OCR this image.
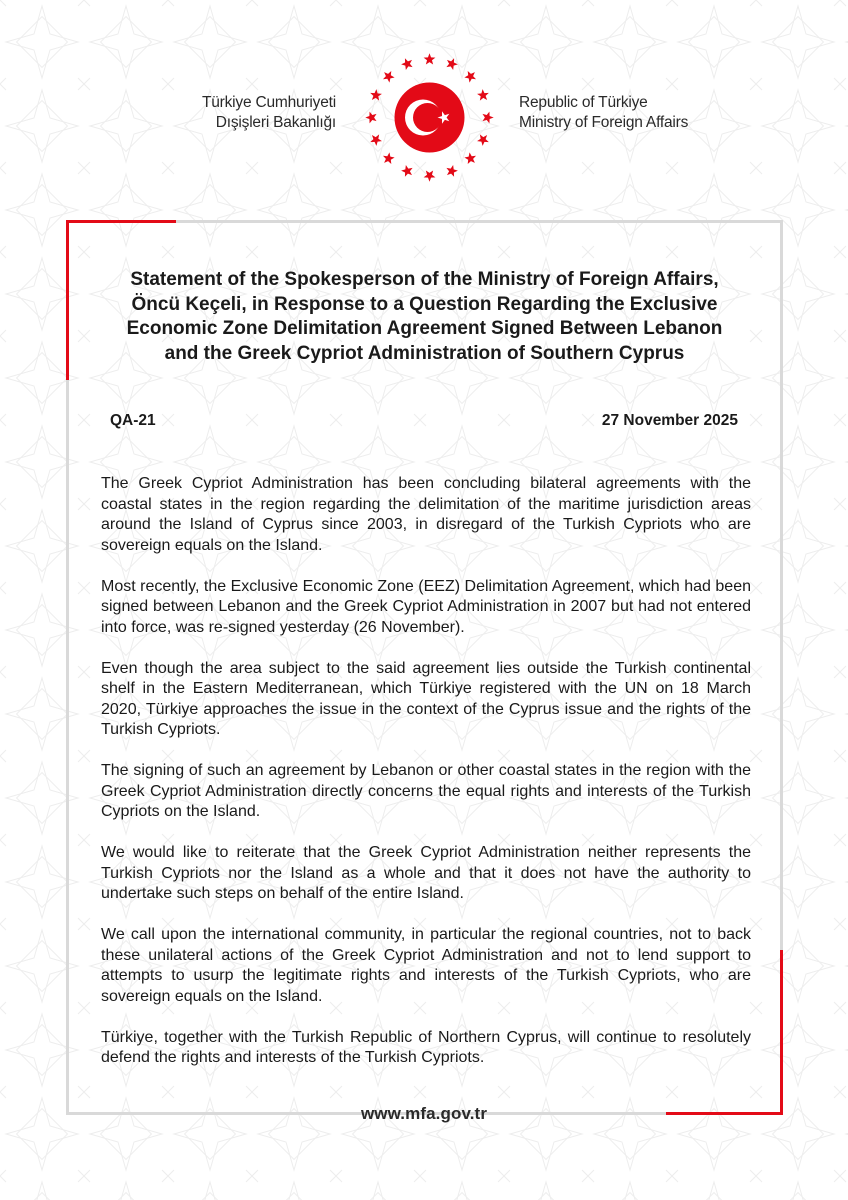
Türkiye Cumhuriyeti
Dışişleri Bakanlığı
Republic of Türkiye
Ministry of Foreign Affairs
Statement of the Spokesperson of the Ministry of Foreign Affairs,
Öncü Keçeli, in Response to a Question Regarding the Exclusive
Economic Zone Delimitation Agreement Signed Between Lebanon
and the Greek Cypriot Administration of Southern Cyprus
QA-21	27 November 2025

The Greek Cypriot Administration has been concluding bilateral agreements with the coastal states in the region regarding the delimitation of the maritime jurisdiction areas around the Island of Cyprus since 2003, in disregard of the Turkish Cypriots who are sovereign equals on the Island.

Most recently, the Exclusive Economic Zone (EEZ) Delimitation Agreement, which had been signed between Lebanon and the Greek Cypriot Administration in 2007 but had not entered into force, was re-signed yesterday (26 November).

Even though the area subject to the said agreement lies outside the Turkish continental shelf in the Eastern Mediterranean, which Türkiye registered with the UN on 18 March 2020, Türkiye approaches the issue in the context of the Cyprus issue and the rights of the Turkish Cypriots.

The signing of such an agreement by Lebanon or other coastal states in the region with the Greek Cypriot Administration directly concerns the equal rights and interests of the Turkish Cypriots on the Island.

We would like to reiterate that the Greek Cypriot Administration neither represents the Turkish Cypriots nor the Island as a whole and that it does not have the authority to undertake such steps on behalf of the entire Island.

We call upon the international community, in particular the regional countries, not to back these unilateral actions of the Greek Cypriot Administration and not to lend support to attempts to usurp the legitimate rights and interests of the Turkish Cypriots, who are sovereign equals on the Island.

Türkiye, together with the Turkish Republic of Northern Cyprus, will continue to resolutely defend the rights and interests of the Turkish Cypriots.

www.mfa.gov.tr
